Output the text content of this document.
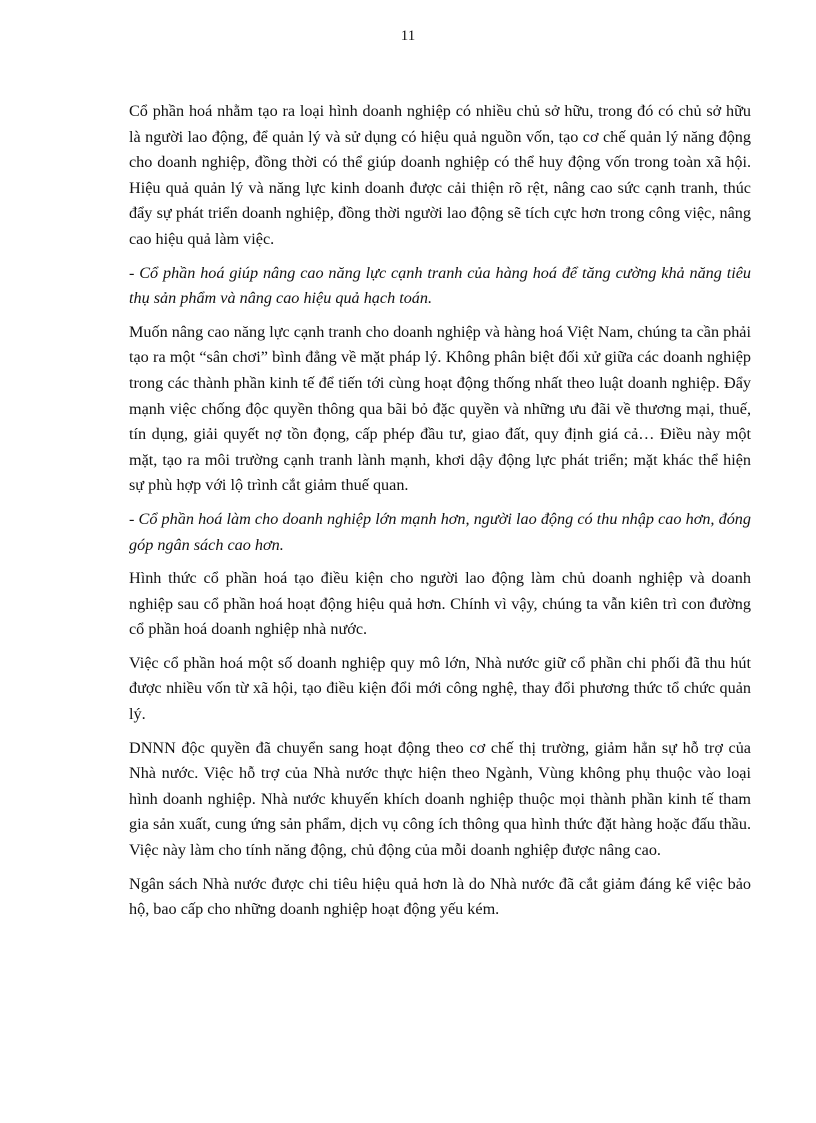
11

Cổ phần hoá nhằm tạo ra loại hình doanh nghiệp có nhiều chủ sở hữu, trong đó có chủ sở hữu là người lao động, để quản lý và sử dụng có hiệu quả nguồn vốn, tạo cơ chế quản lý năng động cho doanh nghiệp, đồng thời có thể giúp doanh nghiệp có thể huy động vốn trong toàn xã hội. Hiệu quả quản lý và năng lực kinh doanh được cải thiện rõ rệt, nâng cao sức cạnh tranh, thúc đẩy sự phát triển doanh nghiệp, đồng thời người lao động sẽ tích cực hơn trong công việc, nâng cao hiệu quả làm việc.

- Cổ phần hoá giúp nâng cao năng lực cạnh tranh của hàng hoá để tăng cường khả năng tiêu thụ sản phẩm và nâng cao hiệu quả hạch toán.

Muốn nâng cao năng lực cạnh tranh cho doanh nghiệp và hàng hoá Việt Nam, chúng ta cần phải tạo ra một “sân chơi” bình đẳng về mặt pháp lý. Không phân biệt đối xử giữa các doanh nghiệp trong các thành phần kinh tế để tiến tới cùng hoạt động thống nhất theo luật doanh nghiệp. Đẩy mạnh việc chống độc quyền thông qua bãi bỏ đặc quyền và những ưu đãi về thương mại, thuế, tín dụng, giải quyết nợ tồn đọng, cấp phép đầu tư, giao đất, quy định giá cả… Điều này một mặt, tạo ra môi trường cạnh tranh lành mạnh, khơi dậy động lực phát triển; mặt khác thể hiện sự phù hợp với lộ trình cắt giảm thuế quan.

- Cổ phần hoá làm cho doanh nghiệp lớn mạnh hơn, người lao động có thu nhập cao hơn, đóng góp ngân sách cao hơn.

Hình thức cổ phần hoá tạo điều kiện cho người lao động làm chủ doanh nghiệp và doanh nghiệp sau cổ phần hoá hoạt động hiệu quả hơn. Chính vì vậy, chúng ta vẫn kiên trì con đường cổ phần hoá doanh nghiệp nhà nước.

Việc cổ phần hoá một số doanh nghiệp quy mô lớn, Nhà nước giữ cổ phần chi phối đã thu hút được nhiều vốn từ xã hội, tạo điều kiện đổi mới công nghệ, thay đổi phương thức tổ chức quản lý.

DNNN độc quyền đã chuyển sang hoạt động theo cơ chế thị trường, giảm hẳn sự hỗ trợ của Nhà nước. Việc hỗ trợ của Nhà nước thực hiện theo Ngành, Vùng không phụ thuộc vào loại hình doanh nghiệp. Nhà nước khuyến khích doanh nghiệp thuộc mọi thành phần kinh tế tham gia sản xuất, cung ứng sản phẩm, dịch vụ công ích thông qua hình thức đặt hàng hoặc đấu thầu. Việc này làm cho tính năng động, chủ động của mỗi doanh nghiệp được nâng cao.

Ngân sách Nhà nước được chi tiêu hiệu quả hơn là do Nhà nước đã cắt giảm đáng kể việc bảo hộ, bao cấp cho những doanh nghiệp hoạt động yếu kém.
